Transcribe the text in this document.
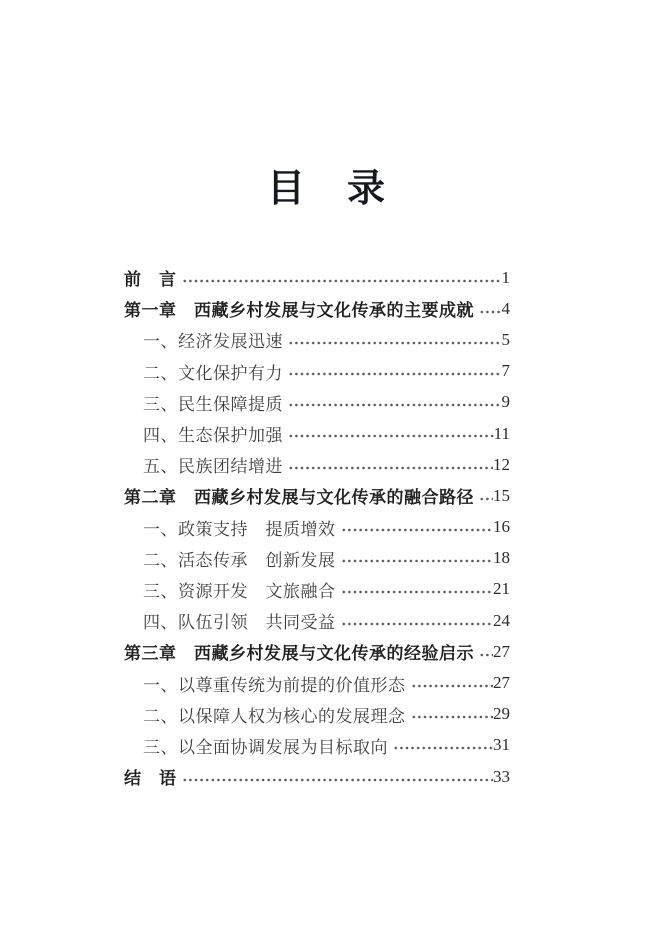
目　录
前　言	1
第一章　西藏乡村发展与文化传承的主要成就 4
一、经济发展迅速	5
二、文化保护有力	7
三、民生保障提质	9
四、生态保护加强	11
五、民族团结增进	12
第二章　西藏乡村发展与文化传承的融合路径 15
一、政策支持　提质增效	16
二、活态传承　创新发展	18
三、资源开发　文旅融合	21
四、队伍引领　共同受益	24
第三章　西藏乡村发展与文化传承的经验启示 27
一、以尊重传统为前提的价值形态	27
二、以保障人权为核心的发展理念	29
三、以全面协调发展为目标取向	31
结　语	33
